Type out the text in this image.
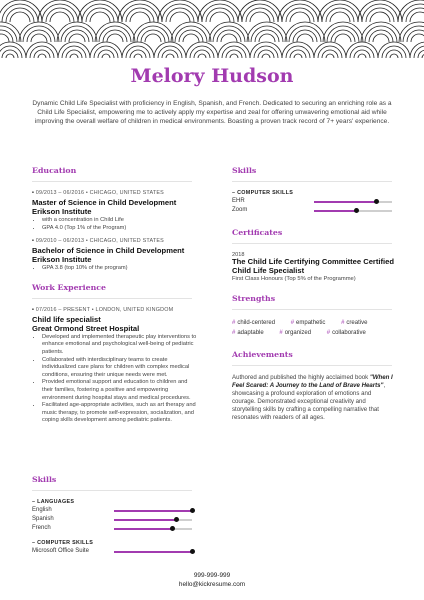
Melory Hudson
Dynamic Child Life Specialist with proficiency in English, Spanish, and French. Dedicated to securing an enriching role as a Child Life Specialist, empowering me to actively apply my expertise and zeal for offering unwavering emotional aid while improving the overall welfare of children in medical environments. Boasting a proven track record of 7+ years' experience.
Education
• 09/2013 – 06/2016 • CHICAGO, UNITED STATES
Master of Science in Child Development
Erikson Institute
• with a concentration in Child Life
• GPA 4.0 (Top 1% of the Program)
• 09/2010 – 06/2013 • CHICAGO, UNITED STATES
Bachelor of Science in Child Development
Erikson Institute
• GPA 3.8 (top 10% of the program)
Work Experience
• 07/2016 – PRESENT • LONDON, UNITED KINGDOM
Child life specialist
Great Ormond Street Hospital
• Developed and implemented therapeutic play interventions to enhance emotional and psychological well-being of pediatric patients.
• Collaborated with interdisciplinary teams to create individualized care plans for children with complex medical conditions, ensuring their unique needs were met.
• Provided emotional support and education to children and their families, fostering a positive and empowering environment during hospital stays and medical procedures.
• Facilitated age-appropriate activities, such as art therapy and music therapy, to promote self-expression, socialization, and coping skills development among pediatric patients.
Skills
– LANGUAGES
English
Spanish
French
– COMPUTER SKILLS
Microsoft Office Suite
Skills
– COMPUTER SKILLS
EHR
Zoom
Certificates
2018
The Child Life Certifying Committee Certified Child Life Specialist
First Class Honours (Top 5% of the Programme)
Strengths
# child-centered	# empathetic	# creative
# adaptable	# organized	# collaborative
Achievements
Authored and published the highly acclaimed book "When I Feel Scared: A Journey to the Land of Brave Hearts", showcasing a profound exploration of emotions and courage. Demonstrated exceptional creativity and storytelling skills by crafting a compelling narrative that resonates with readers of all ages.
999-999-999
hello@kickresume.com
